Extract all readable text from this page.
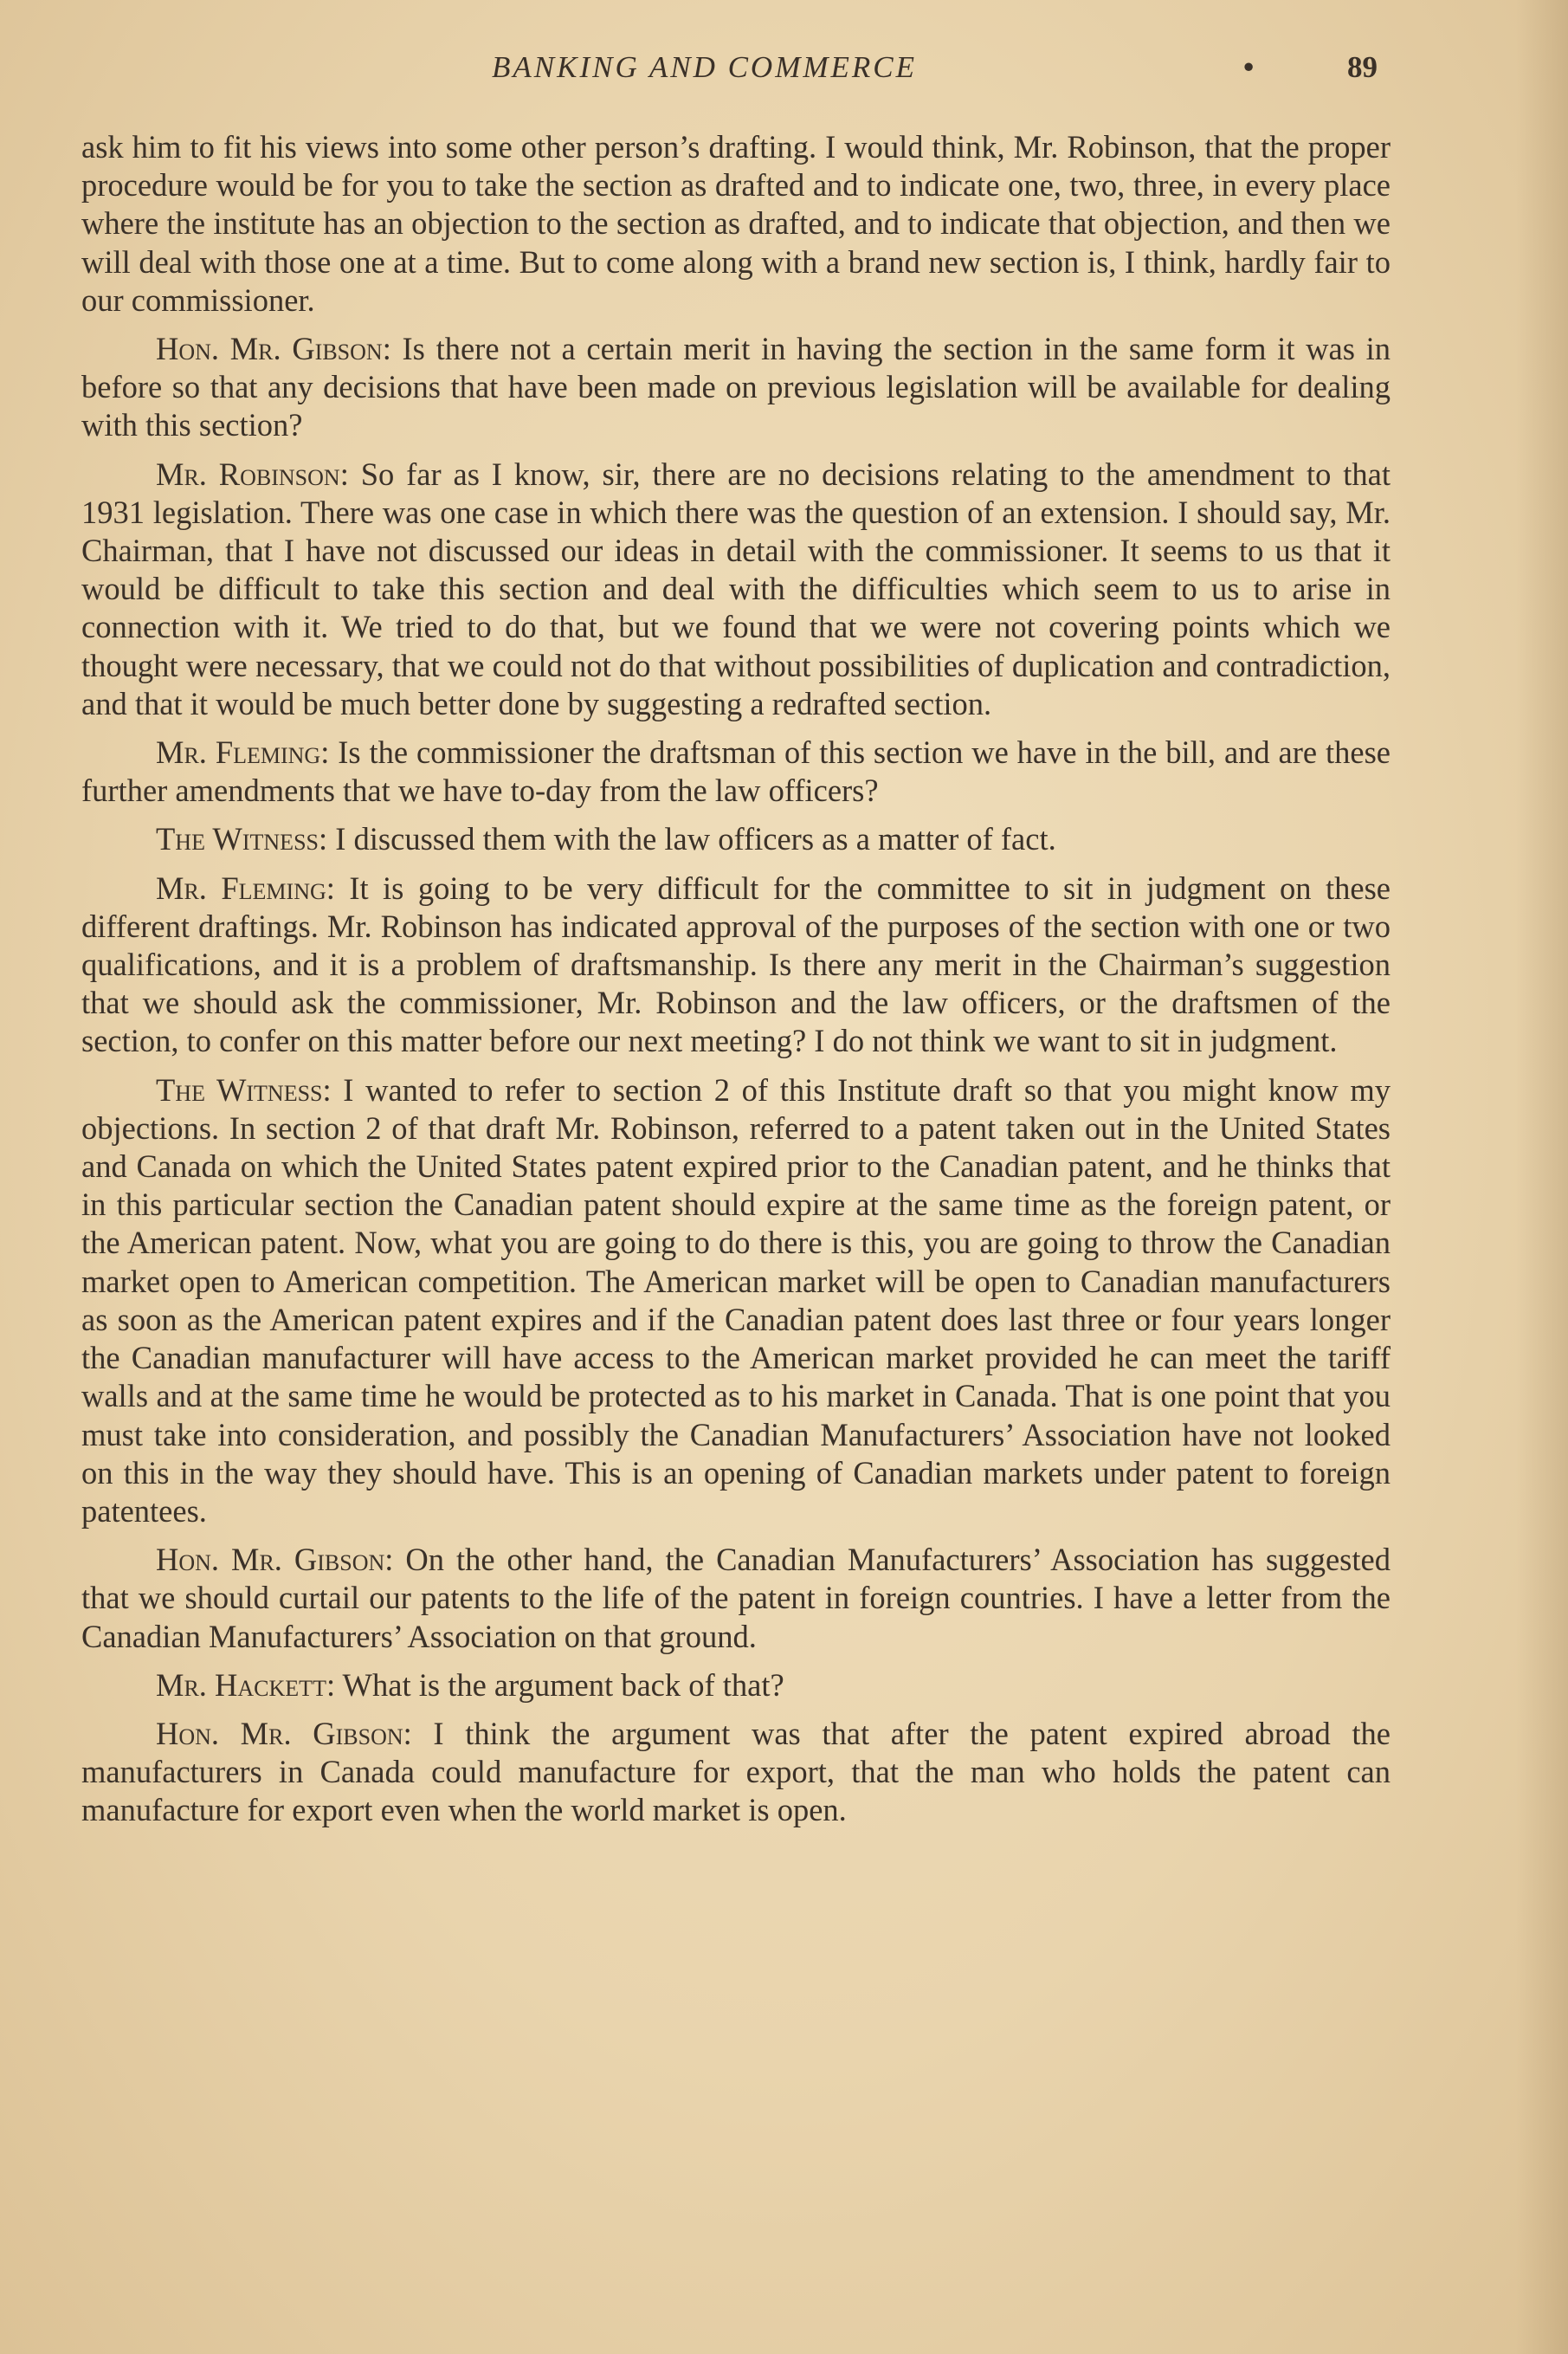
BANKING AND COMMERCE	•	89

ask him to fit his views into some other person’s drafting. I would think, Mr. Robinson, that the proper procedure would be for you to take the section as drafted and to indicate one, two, three, in every place where the institute has an objection to the section as drafted, and to indicate that objection, and then we will deal with those one at a time. But to come along with a brand new section is, I think, hardly fair to our commissioner.

Hon. Mr. Gibson: Is there not a certain merit in having the section in the same form it was in before so that any decisions that have been made on previous legislation will be available for dealing with this section?

Mr. Robinson: So far as I know, sir, there are no decisions relating to the amendment to that 1931 legislation. There was one case in which there was the question of an extension. I should say, Mr. Chairman, that I have not discussed our ideas in detail with the commissioner. It seems to us that it would be difficult to take this section and deal with the difficulties which seem to us to arise in connection with it. We tried to do that, but we found that we were not covering points which we thought were necessary, that we could not do that without possibilities of duplication and contradiction, and that it would be much better done by suggesting a redrafted section.

Mr. Fleming: Is the commissioner the draftsman of this section we have in the bill, and are these further amendments that we have to-day from the law officers?

The Witness: I discussed them with the law officers as a matter of fact.

Mr. Fleming: It is going to be very difficult for the committee to sit in judgment on these different draftings. Mr. Robinson has indicated approval of the purposes of the section with one or two qualifications, and it is a problem of draftsmanship. Is there any merit in the Chairman’s suggestion that we should ask the commissioner, Mr. Robinson and the law officers, or the draftsmen of the section, to confer on this matter before our next meeting? I do not think we want to sit in judgment.

The Witness: I wanted to refer to section 2 of this Institute draft so that you might know my objections. In section 2 of that draft Mr. Robinson, referred to a patent taken out in the United States and Canada on which the United States patent expired prior to the Canadian patent, and he thinks that in this particular section the Canadian patent should expire at the same time as the foreign patent, or the American patent. Now, what you are going to do there is this, you are going to throw the Canadian market open to American competition. The American market will be open to Canadian manufacturers as soon as the American patent expires and if the Canadian patent does last three or four years longer the Canadian manufacturer will have access to the American market provided he can meet the tariff walls and at the same time he would be protected as to his market in Canada. That is one point that you must take into consideration, and possibly the Canadian Manufacturers’ Association have not looked on this in the way they should have. This is an opening of Canadian markets under patent to foreign patentees.

Hon. Mr. Gibson: On the other hand, the Canadian Manufacturers’ Association has suggested that we should curtail our patents to the life of the patent in foreign countries. I have a letter from the Canadian Manufacturers’ Association on that ground.

Mr. Hackett: What is the argument back of that?

Hon. Mr. Gibson: I think the argument was that after the patent expired abroad the manufacturers in Canada could manufacture for export, that the man who holds the patent can manufacture for export even when the world market is open.
